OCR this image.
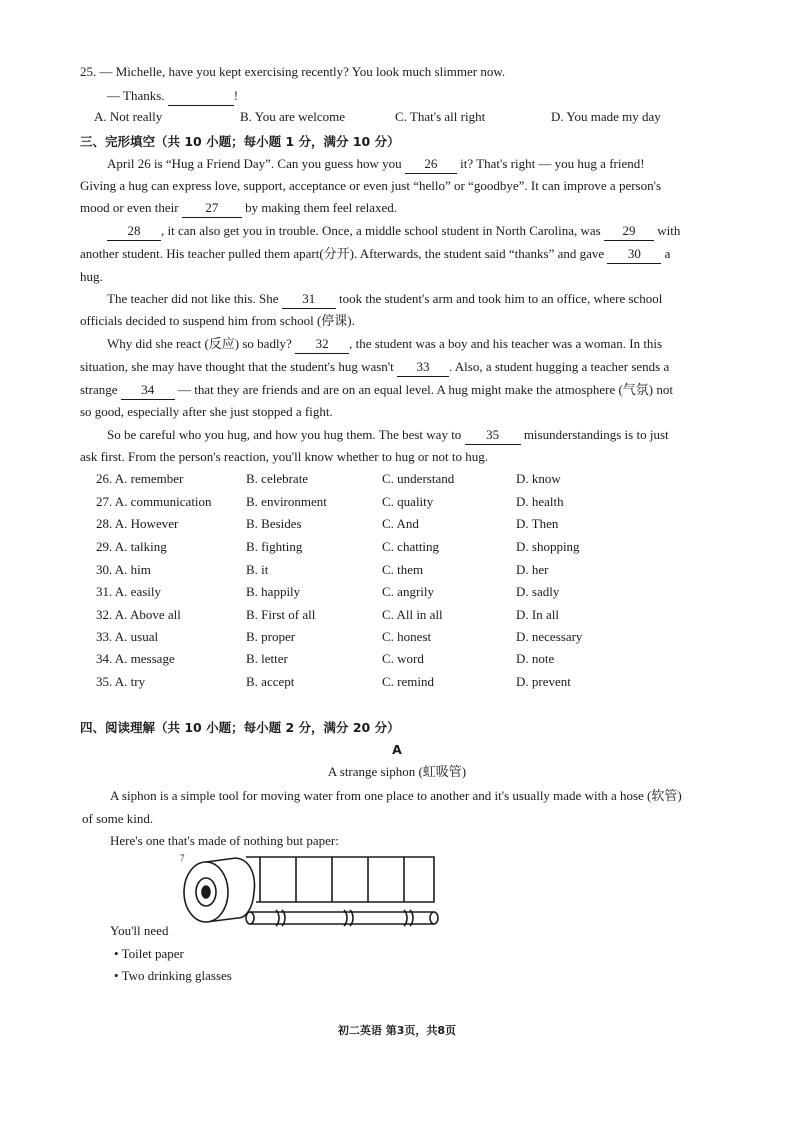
25. — Michelle, have you kept exercising recently? You look much slimmer now.
— Thanks.	!
A. Not really	B. You are welcome	C. That's all right	D. You made my day
三、完形填空（共 10 小题；每小题 1 分，满分 10 分）
April 26 is “Hug a Friend Day”. Can you guess how you 26 it? That's right — you hug a friend!
Giving a hug can express love, support, acceptance or even just “hello” or “goodbye”. It can improve a person's
mood or even their 27 by making them feel relaxed.
28 , it can also get you in trouble. Once, a middle school student in North Carolina, was 29 with
another student. His teacher pulled them apart(分开). Afterwards, the student said “thanks” and gave 30 a
hug.
The teacher did not like this. She 31 took the student's arm and took him to an office, where school
officials decided to suspend him from school (停课).
Why did she react (反应) so badly? 32 , the student was a boy and his teacher was a woman. In this
situation, she may have thought that the student's hug wasn't 33 . Also, a student hugging a teacher sends a
strange 34 — that they are friends and are on an equal level. A hug might make the atmosphere (气氛) not
so good, especially after she just stopped a fight.
So be careful who you hug, and how you hug them. The best way to 35 misunderstandings is to just
ask first. From the person's reaction, you'll know whether to hug or not to hug.
26. A. remember	B. celebrate	C. understand	D. know
27. A. communication	B. environment	C. quality	D. health
28. A. However	B. Besides	C. And	D. Then
29. A. talking	B. fighting	C. chatting	D. shopping
30. A. him	B. it	C. them	D. her
31. A. easily	B. happily	C. angrily	D. sadly
32. A. Above all	B. First of all	C. All in all	D. In all
33. A. usual	B. proper	C. honest	D. necessary
34. A. message	B. letter	C. word	D. note
35. A. try	B. accept	C. remind	D. prevent
四、阅读理解（共 10 小题；每小题 2 分，满分 20 分）
A
A strange siphon (虹吸管)
A siphon is a simple tool for moving water from one place to another and it's usually made with a hose (软管)
of some kind.
Here's one that's made of nothing but paper:
7
You'll need
• Toilet paper
• Two drinking glasses
初二英语 第3页，共8页
